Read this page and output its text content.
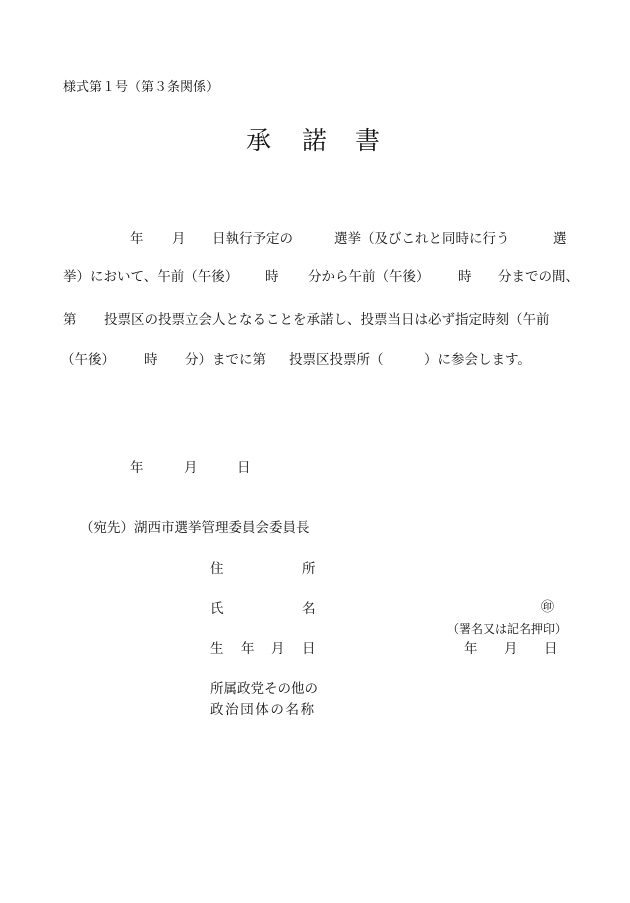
様式第１号（第３条関係）
承 諾 書
年 月 日執行予定の	選挙（及びこれと同時に行う	選
挙）において、午前（午後） 時 分から午前（午後） 時 分までの間、
第 投票区の投票立会人となることを承諾し、投票当日は必ず指定時刻（午前
（午後） 時 分）までに第 投票区投票所（	）に参会します。
年	月	日
（宛先）湖西市選挙管理委員会委員長
住	所
氏	名	㊞
（署名又は記名押印）
生 年 月 日	年 月 日
所属政党その他の
政治団体の名称
